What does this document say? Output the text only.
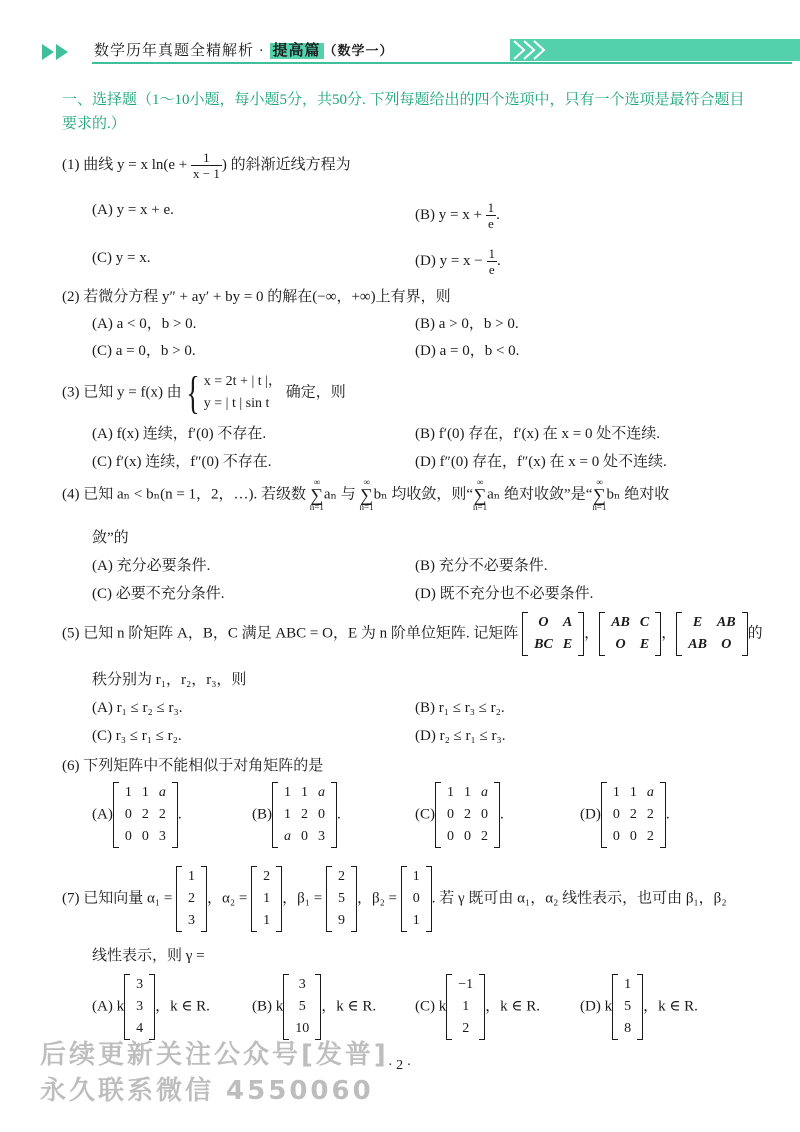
数学历年真题全精解析 · 提高篇 （数学一）
一、选择题（1～10小题，每小题5分，共50分. 下列每题给出的四个选项中，只有一个选项是最符合题目要求的.）
(1) 曲线 y = x $\ln(e + \frac{1}{x - 1}$ ) 的斜渐近线方程为
(A) y = x + e.	(B) $y = x + \frac{1}{e}$ .
(C) y = x.	(D) $y = x - \frac{1}{e}$ .
(2) 若微分方程 y″ + ay′ + by = 0 的解在(−∞，+∞)上有界，则
(A) a < 0，b > 0.	(B) a > 0，b > 0.
(C) a = 0，b > 0.	(D) a = 0，b < 0.
(3) 已知 y = f(x) 由{ x = 2t + | t |，
y = | t | sin t
确定，则
(A) f(x) 连续，f′(0) 不存在.	(B) f′(0) 存在，f′(x) 在 x = 0 处不连续.
(C) f′(x) 连续，f″(0) 不存在.	(D) f″(0) 存在，f″(x) 在 x = 0 处不连续.
(4) 已知 aₙ < bₙ(n = 1，2，…). 若级数 ∞
∑
n=1aₙ 与 ∞
∑
n=1bₙ 均收敛，则“∞
∑
n=1aₙ 绝对收敛”是“∞
∑
n=1bₙ 绝对收
敛”的
(A) 充分必要条件.	(B) 充分不必要条件.
(C) 必要不充分条件.	(D) 既不充分也不必要条件.
(5) 已知 n 阶矩阵 A，B，C 满足 ABC = O，E 为 n 阶单位矩阵. 记矩阵
O	A
BC	E
，
AB	C
O	E
，
E	AB
AB	O
的
秩分别为 r₁，r₂，r₃，则
(A) r₁ ≤ r₂ ≤ r₃.	(B) r₁ ≤ r₃ ≤ r₂.
(C) r₃ ≤ r₁ ≤ r₂.	(D) r₂ ≤ r₁ ≤ r₃.
(6) 下列矩阵中不能相似于对角矩阵的是
(A)
1	1	a
0	2	2
0	0	3
.	(B)
1	1	a
1	2	0
a	0	3
.	(C)
1	1	a
0	2	0
0	0	2
.	(D)
1	1	a
0	2	2
0	0	2
.
(7) 已知向量 α₁ =
1
2
3
，α₂ =
2
1
1
，β₁ =
2
5
9
，β₂ =
1
0
1
. 若 γ 既可由 α₁，α₂ 线性表示，也可由 β₁，β₂
线性表示，则 γ =
(A) k
3
3
4
，k ∈ R.	(B) k
3
5
10
，k ∈ R.	(C) k
−1
1
2
，k ∈ R.	(D) k
1
5
8
，k ∈ R.
· 2 ·
后续更新关注公众号[发普]
永久联系微信 4550060
